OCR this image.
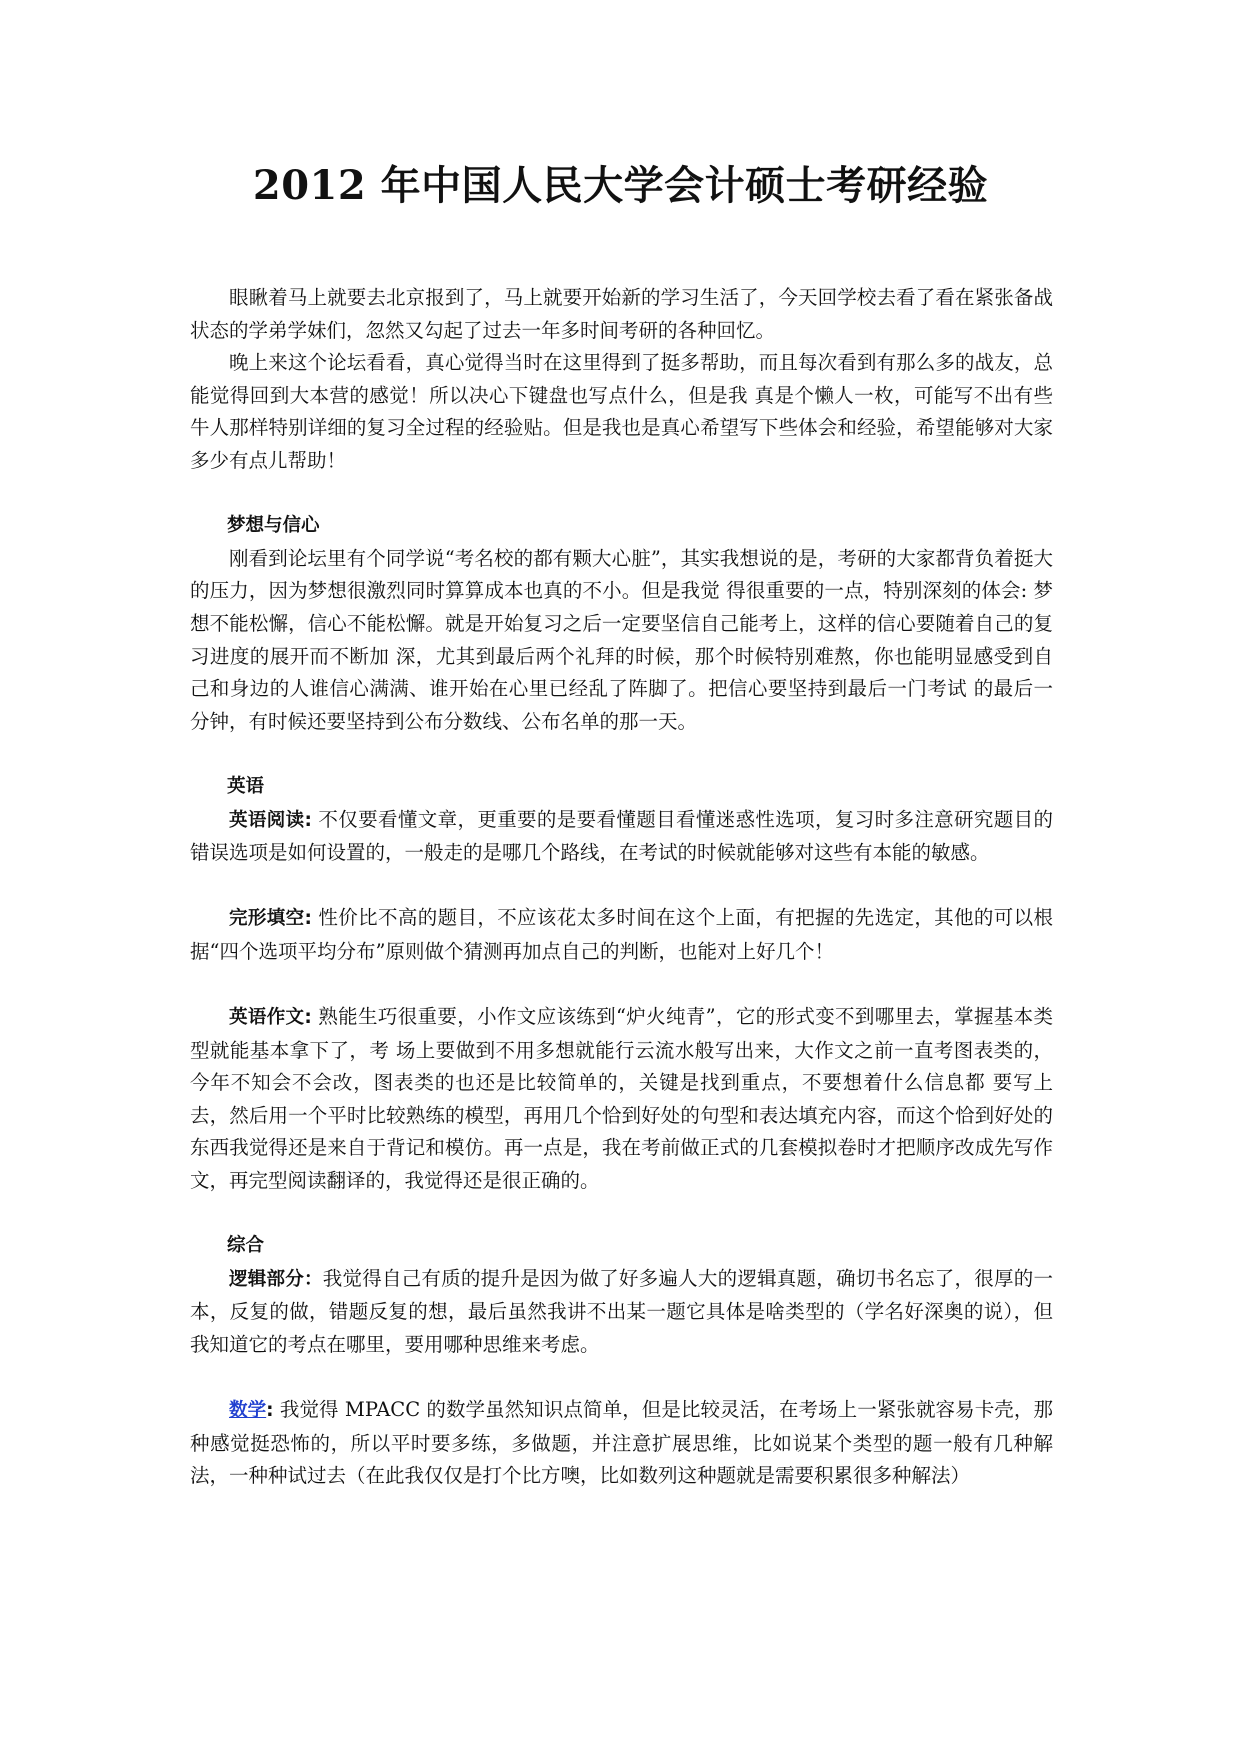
2012 年中国人民大学会计硕士考研经验

眼瞅着马上就要去北京报到了，马上就要开始新的学习生活了，今天回学校去看了看在紧张备战状态的学弟学妹们，忽然又勾起了过去一年多时间考研的各种回忆。

晚上来这个论坛看看，真心觉得当时在这里得到了挺多帮助，而且每次看到有那么多的战友，总能觉得回到大本营的感觉！所以决心下键盘也写点什么，但是我 真是个懒人一枚，可能写不出有些牛人那样特别详细的复习全过程的经验贴。但是我也是真心希望写下些体会和经验，希望能够对大家多少有点儿帮助！

梦想与信心

刚看到论坛里有个同学说“考名校的都有颗大心脏”，其实我想说的是，考研的大家都背负着挺大的压力，因为梦想很激烈同时算算成本也真的不小。但是我觉 得很重要的一点，特别深刻的体会: 梦想不能松懈，信心不能松懈。就是开始复习之后一定要坚信自己能考上，这样的信心要随着自己的复习进度的展开而不断加 深，尤其到最后两个礼拜的时候，那个时候特别难熬，你也能明显感受到自己和身边的人谁信心满满、谁开始在心里已经乱了阵脚了。把信心要坚持到最后一门考试 的最后一分钟，有时候还要坚持到公布分数线、公布名单的那一天。

英语

英语阅读: 不仅要看懂文章，更重要的是要看懂题目看懂迷惑性选项，复习时多注意研究题目的错误选项是如何设置的，一般走的是哪几个路线，在考试的时候就能够对这些有本能的敏感。

完形填空: 性价比不高的题目，不应该花太多时间在这个上面，有把握的先选定，其他的可以根据“四个选项平均分布”原则做个猜测再加点自己的判断，也能对上好几个！

英语作文: 熟能生巧很重要，小作文应该练到“炉火纯青”，它的形式变不到哪里去，掌握基本类型就能基本拿下了，考 场上要做到不用多想就能行云流水般写出来，大作文之前一直考图表类的，今年不知会不会改，图表类的也还是比较简单的，关键是找到重点，不要想着什么信息都 要写上去，然后用一个平时比较熟练的模型，再用几个恰到好处的句型和表达填充内容，而这个恰到好处的东西我觉得还是来自于背记和模仿。再一点是，我在考前做正式的几套模拟卷时才把顺序改成先写作文，再完型阅读翻译的，我觉得还是很正确的。

综合

逻辑部分：我觉得自己有质的提升是因为做了好多遍人大的逻辑真题，确切书名忘了，很厚的一本，反复的做，错题反复的想，最后虽然我讲不出某一题它具体是啥类型的（学名好深奥的说），但我知道它的考点在哪里，要用哪种思维来考虑。

数学: 我觉得 MPACC 的数学虽然知识点简单，但是比较灵活，在考场上一紧张就容易卡壳，那种感觉挺恐怖的，所以平时要多练，多做题，并注意扩展思维，比如说某个类型的题一般有几种解法，一种种试过去（在此我仅仅是打个比方噢，比如数列这种题就是需要积累很多种解法）
